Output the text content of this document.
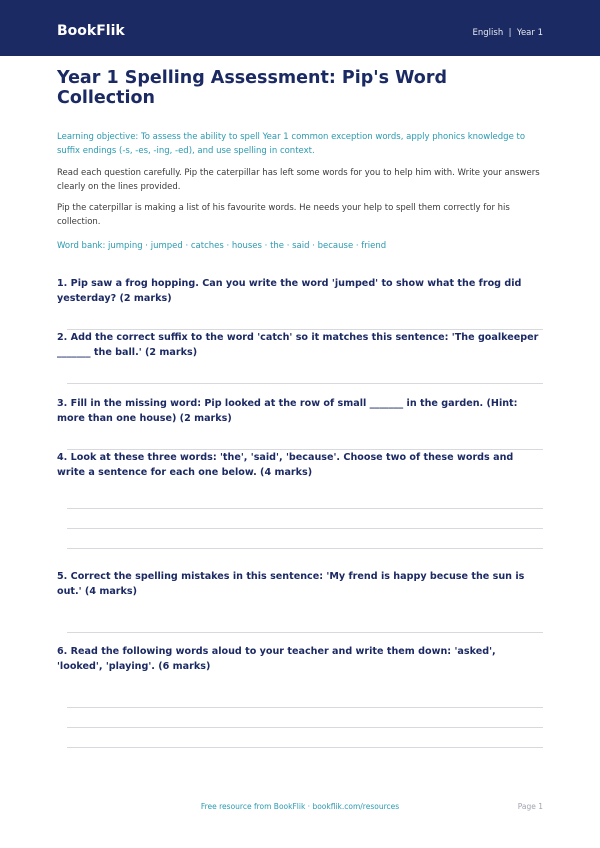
BookFlik	English  |  Year 1
Year 1 Spelling Assessment: Pip's Word Collection
Learning objective: To assess the ability to spell Year 1 common exception words, apply phonics knowledge to suffix endings (-s, -es, -ing, -ed), and use spelling in context.
Read each question carefully. Pip the caterpillar has left some words for you to help him with. Write your answers clearly on the lines provided.
Pip the caterpillar is making a list of his favourite words. He needs your help to spell them correctly for his collection.
Word bank: jumping · jumped · catches · houses · the · said · because · friend
1. Pip saw a frog hopping. Can you write the word 'jumped' to show what the frog did yesterday? (2 marks)
2. Add the correct suffix to the word 'catch' so it matches this sentence: 'The goalkeeper _______ the ball.' (2 marks)
3. Fill in the missing word: Pip looked at the row of small _______ in the garden. (Hint: more than one house) (2 marks)
4. Look at these three words: 'the', 'said', 'because'. Choose two of these words and write a sentence for each one below. (4 marks)
5. Correct the spelling mistakes in this sentence: 'My frend is happy becuse the sun is out.' (4 marks)
6. Read the following words aloud to your teacher and write them down: 'asked', 'looked', 'playing'. (6 marks)
Free resource from BookFlik · bookflik.com/resources	Page 1
